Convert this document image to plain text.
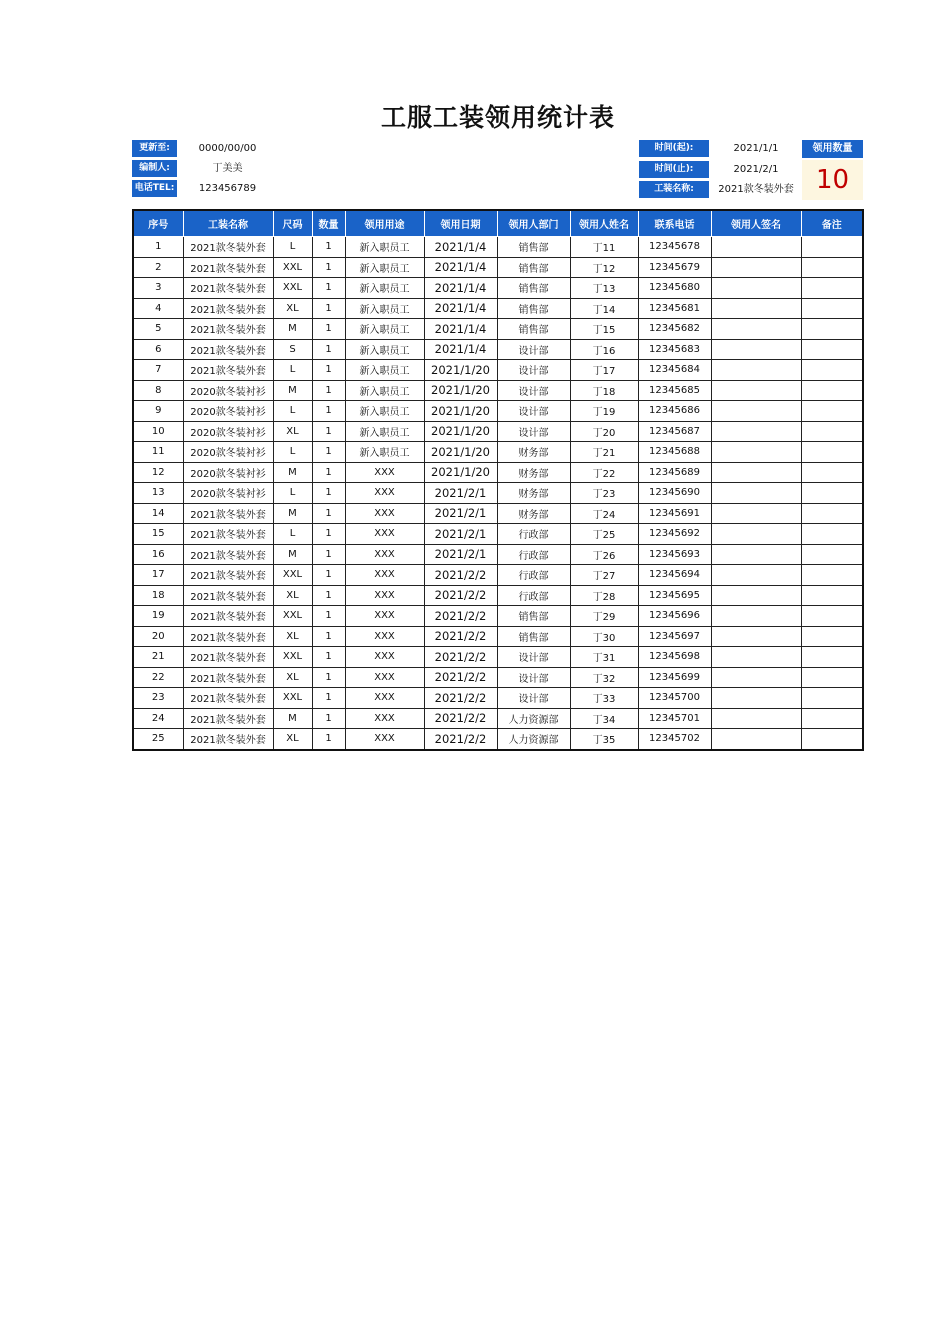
工服工装领用统计表
更新至:	0000/00/00
编制人:	丁美美
电话TEL:	123456789
时间(起):	2021/1/1
时间(止):	2021/2/1
工装名称:	2021款冬装外套
领用数量
10
序号	工装名称	尺码	数量	领用用途	领用日期	领用人部门	领用人姓名	联系电话	领用人签名	备注
1	2021款冬装外套	L	1	新入职员工	2021/1/4	销售部	丁11	12345678		
2	2021款冬装外套	XXL	1	新入职员工	2021/1/4	销售部	丁12	12345679		
3	2021款冬装外套	XXL	1	新入职员工	2021/1/4	销售部	丁13	12345680		
4	2021款冬装外套	XL	1	新入职员工	2021/1/4	销售部	丁14	12345681		
5	2021款冬装外套	M	1	新入职员工	2021/1/4	销售部	丁15	12345682		
6	2021款冬装外套	S	1	新入职员工	2021/1/4	设计部	丁16	12345683		
7	2021款冬装外套	L	1	新入职员工	2021/1/20	设计部	丁17	12345684		
8	2020款冬装衬衫	M	1	新入职员工	2021/1/20	设计部	丁18	12345685		
9	2020款冬装衬衫	L	1	新入职员工	2021/1/20	设计部	丁19	12345686		
10	2020款冬装衬衫	XL	1	新入职员工	2021/1/20	设计部	丁20	12345687		
11	2020款冬装衬衫	L	1	新入职员工	2021/1/20	财务部	丁21	12345688		
12	2020款冬装衬衫	M	1	XXX	2021/1/20	财务部	丁22	12345689		
13	2020款冬装衬衫	L	1	XXX	2021/2/1	财务部	丁23	12345690		
14	2021款冬装外套	M	1	XXX	2021/2/1	财务部	丁24	12345691		
15	2021款冬装外套	L	1	XXX	2021/2/1	行政部	丁25	12345692		
16	2021款冬装外套	M	1	XXX	2021/2/1	行政部	丁26	12345693		
17	2021款冬装外套	XXL	1	XXX	2021/2/2	行政部	丁27	12345694		
18	2021款冬装外套	XL	1	XXX	2021/2/2	行政部	丁28	12345695		
19	2021款冬装外套	XXL	1	XXX	2021/2/2	销售部	丁29	12345696		
20	2021款冬装外套	XL	1	XXX	2021/2/2	销售部	丁30	12345697		
21	2021款冬装外套	XXL	1	XXX	2021/2/2	设计部	丁31	12345698		
22	2021款冬装外套	XL	1	XXX	2021/2/2	设计部	丁32	12345699		
23	2021款冬装外套	XXL	1	XXX	2021/2/2	设计部	丁33	12345700		
24	2021款冬装外套	M	1	XXX	2021/2/2	人力资源部	丁34	12345701		
25	2021款冬装外套	XL	1	XXX	2021/2/2	人力资源部	丁35	12345702		
